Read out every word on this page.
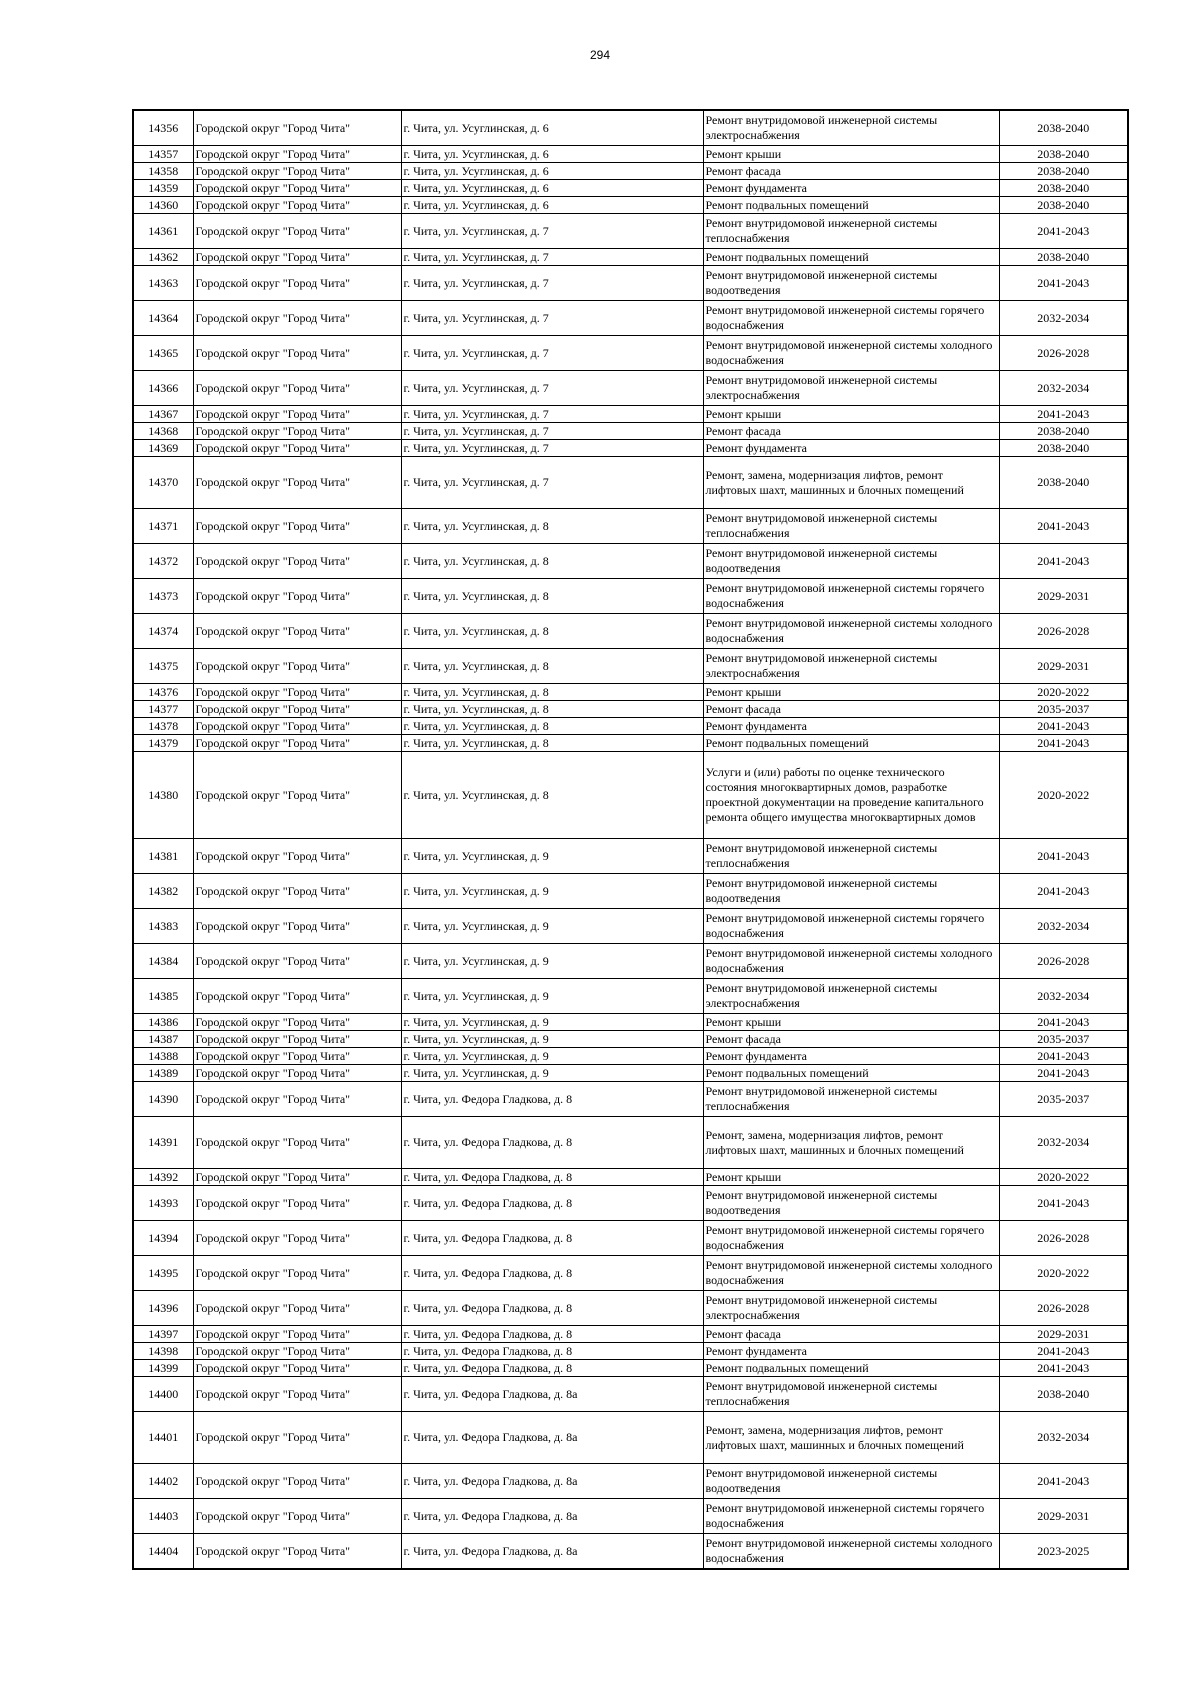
294
14356	Городской округ "Город Чита"	г. Чита, ул. Усуглинская, д. 6	Ремонт внутридомовой инженерной системы электроснабжения	2038-2040
14357	Городской округ "Город Чита"	г. Чита, ул. Усуглинская, д. 6	Ремонт крыши	2038-2040
14358	Городской округ "Город Чита"	г. Чита, ул. Усуглинская, д. 6	Ремонт фасада	2038-2040
14359	Городской округ "Город Чита"	г. Чита, ул. Усуглинская, д. 6	Ремонт фундамента	2038-2040
14360	Городской округ "Город Чита"	г. Чита, ул. Усуглинская, д. 6	Ремонт подвальных помещений	2038-2040
14361	Городской округ "Город Чита"	г. Чита, ул. Усуглинская, д. 7	Ремонт внутридомовой инженерной системы теплоснабжения	2041-2043
14362	Городской округ "Город Чита"	г. Чита, ул. Усуглинская, д. 7	Ремонт подвальных помещений	2038-2040
14363	Городской округ "Город Чита"	г. Чита, ул. Усуглинская, д. 7	Ремонт внутридомовой инженерной системы водоотведения	2041-2043
14364	Городской округ "Город Чита"	г. Чита, ул. Усуглинская, д. 7	Ремонт внутридомовой инженерной системы горячего водоснабжения	2032-2034
14365	Городской округ "Город Чита"	г. Чита, ул. Усуглинская, д. 7	Ремонт внутридомовой инженерной системы холодного водоснабжения	2026-2028
14366	Городской округ "Город Чита"	г. Чита, ул. Усуглинская, д. 7	Ремонт внутридомовой инженерной системы электроснабжения	2032-2034
14367	Городской округ "Город Чита"	г. Чита, ул. Усуглинская, д. 7	Ремонт крыши	2041-2043
14368	Городской округ "Город Чита"	г. Чита, ул. Усуглинская, д. 7	Ремонт фасада	2038-2040
14369	Городской округ "Город Чита"	г. Чита, ул. Усуглинская, д. 7	Ремонт фундамента	2038-2040
14370	Городской округ "Город Чита"	г. Чита, ул. Усуглинская, д. 7	Ремонт, замена, модернизация лифтов, ремонт лифтовых шахт, машинных и блочных помещений	2038-2040
14371	Городской округ "Город Чита"	г. Чита, ул. Усуглинская, д. 8	Ремонт внутридомовой инженерной системы теплоснабжения	2041-2043
14372	Городской округ "Город Чита"	г. Чита, ул. Усуглинская, д. 8	Ремонт внутридомовой инженерной системы водоотведения	2041-2043
14373	Городской округ "Город Чита"	г. Чита, ул. Усуглинская, д. 8	Ремонт внутридомовой инженерной системы горячего водоснабжения	2029-2031
14374	Городской округ "Город Чита"	г. Чита, ул. Усуглинская, д. 8	Ремонт внутридомовой инженерной системы холодного водоснабжения	2026-2028
14375	Городской округ "Город Чита"	г. Чита, ул. Усуглинская, д. 8	Ремонт внутридомовой инженерной системы электроснабжения	2029-2031
14376	Городской округ "Город Чита"	г. Чита, ул. Усуглинская, д. 8	Ремонт крыши	2020-2022
14377	Городской округ "Город Чита"	г. Чита, ул. Усуглинская, д. 8	Ремонт фасада	2035-2037
14378	Городской округ "Город Чита"	г. Чита, ул. Усуглинская, д. 8	Ремонт фундамента	2041-2043
14379	Городской округ "Город Чита"	г. Чита, ул. Усуглинская, д. 8	Ремонт подвальных помещений	2041-2043
14380	Городской округ "Город Чита"	г. Чита, ул. Усуглинская, д. 8	Услуги и (или) работы по оценке технического состояния многоквартирных домов, разработке проектной документации на проведение капитального ремонта общего имущества многоквартирных домов	2020-2022
14381	Городской округ "Город Чита"	г. Чита, ул. Усуглинская, д. 9	Ремонт внутридомовой инженерной системы теплоснабжения	2041-2043
14382	Городской округ "Город Чита"	г. Чита, ул. Усуглинская, д. 9	Ремонт внутридомовой инженерной системы водоотведения	2041-2043
14383	Городской округ "Город Чита"	г. Чита, ул. Усуглинская, д. 9	Ремонт внутридомовой инженерной системы горячего водоснабжения	2032-2034
14384	Городской округ "Город Чита"	г. Чита, ул. Усуглинская, д. 9	Ремонт внутридомовой инженерной системы холодного водоснабжения	2026-2028
14385	Городской округ "Город Чита"	г. Чита, ул. Усуглинская, д. 9	Ремонт внутридомовой инженерной системы электроснабжения	2032-2034
14386	Городской округ "Город Чита"	г. Чита, ул. Усуглинская, д. 9	Ремонт крыши	2041-2043
14387	Городской округ "Город Чита"	г. Чита, ул. Усуглинская, д. 9	Ремонт фасада	2035-2037
14388	Городской округ "Город Чита"	г. Чита, ул. Усуглинская, д. 9	Ремонт фундамента	2041-2043
14389	Городской округ "Город Чита"	г. Чита, ул. Усуглинская, д. 9	Ремонт подвальных помещений	2041-2043
14390	Городской округ "Город Чита"	г. Чита, ул. Федора Гладкова, д. 8	Ремонт внутридомовой инженерной системы теплоснабжения	2035-2037
14391	Городской округ "Город Чита"	г. Чита, ул. Федора Гладкова, д. 8	Ремонт, замена, модернизация лифтов, ремонт лифтовых шахт, машинных и блочных помещений	2032-2034
14392	Городской округ "Город Чита"	г. Чита, ул. Федора Гладкова, д. 8	Ремонт крыши	2020-2022
14393	Городской округ "Город Чита"	г. Чита, ул. Федора Гладкова, д. 8	Ремонт внутридомовой инженерной системы водоотведения	2041-2043
14394	Городской округ "Город Чита"	г. Чита, ул. Федора Гладкова, д. 8	Ремонт внутридомовой инженерной системы горячего водоснабжения	2026-2028
14395	Городской округ "Город Чита"	г. Чита, ул. Федора Гладкова, д. 8	Ремонт внутридомовой инженерной системы холодного водоснабжения	2020-2022
14396	Городской округ "Город Чита"	г. Чита, ул. Федора Гладкова, д. 8	Ремонт внутридомовой инженерной системы электроснабжения	2026-2028
14397	Городской округ "Город Чита"	г. Чита, ул. Федора Гладкова, д. 8	Ремонт фасада	2029-2031
14398	Городской округ "Город Чита"	г. Чита, ул. Федора Гладкова, д. 8	Ремонт фундамента	2041-2043
14399	Городской округ "Город Чита"	г. Чита, ул. Федора Гладкова, д. 8	Ремонт подвальных помещений	2041-2043
14400	Городской округ "Город Чита"	г. Чита, ул. Федора Гладкова, д. 8а	Ремонт внутридомовой инженерной системы теплоснабжения	2038-2040
14401	Городской округ "Город Чита"	г. Чита, ул. Федора Гладкова, д. 8а	Ремонт, замена, модернизация лифтов, ремонт лифтовых шахт, машинных и блочных помещений	2032-2034
14402	Городской округ "Город Чита"	г. Чита, ул. Федора Гладкова, д. 8а	Ремонт внутридомовой инженерной системы водоотведения	2041-2043
14403	Городской округ "Город Чита"	г. Чита, ул. Федора Гладкова, д. 8а	Ремонт внутридомовой инженерной системы горячего водоснабжения	2029-2031
14404	Городской округ "Город Чита"	г. Чита, ул. Федора Гладкова, д. 8а	Ремонт внутридомовой инженерной системы холодного водоснабжения	2023-2025
